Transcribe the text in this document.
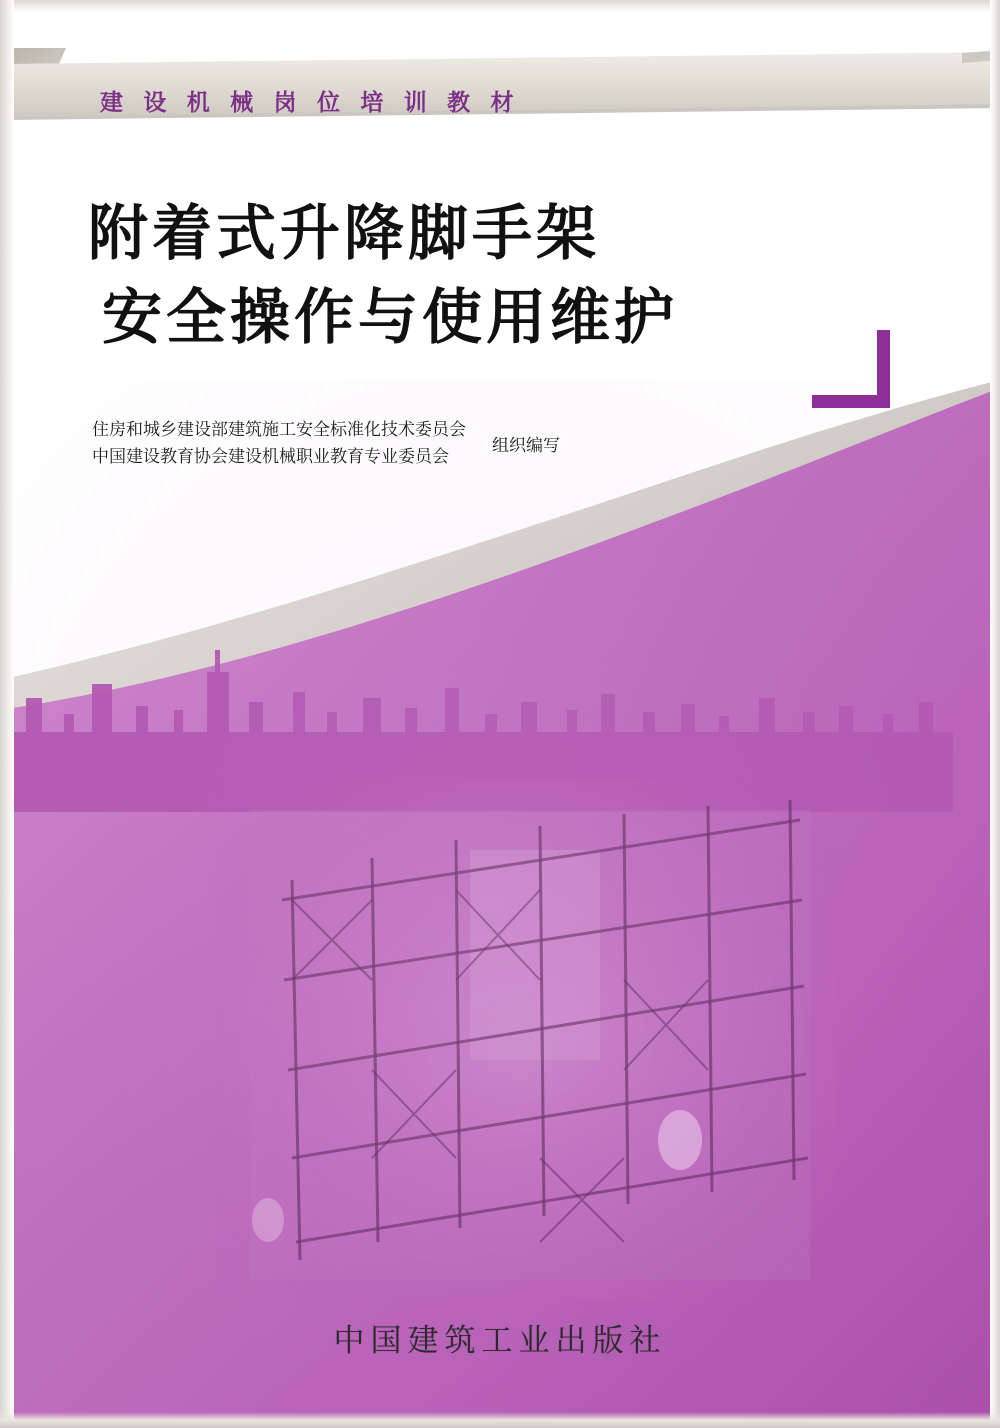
建 设 机 械 岗 位 培 训 教 材
附着式升降脚手架
安全操作与使用维护
住房和城乡建设部建筑施工安全标准化技术委员会
中国建设教育协会建设机械职业教育专业委员会
组织编写
中国建筑工业出版社
